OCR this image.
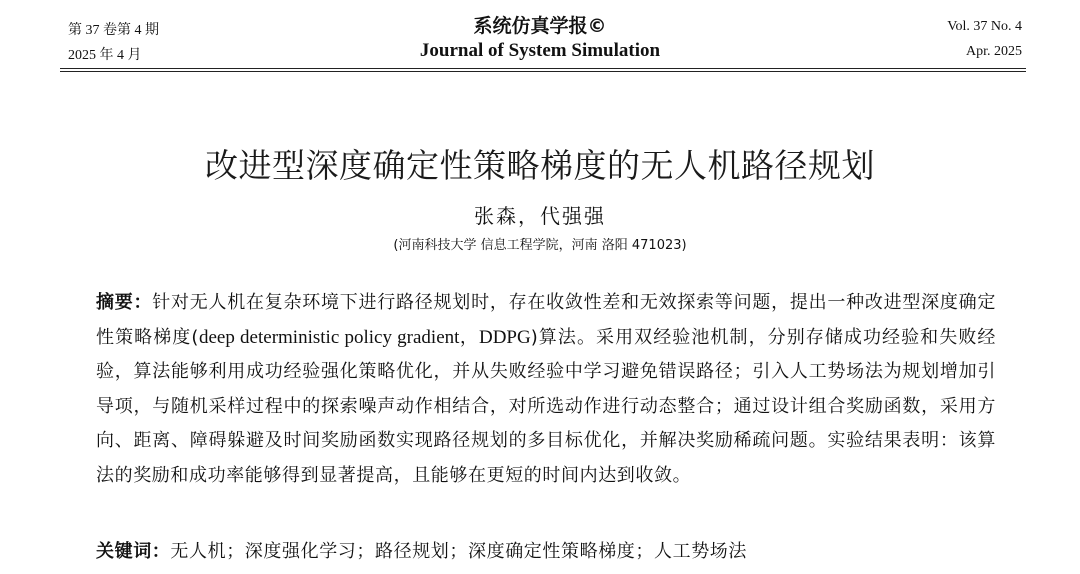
第 37 卷第 4 期
2025 年 4 月
系统仿真学报©
Journal of System Simulation
Vol. 37 No. 4
Apr. 2025
改进型深度确定性策略梯度的无人机路径规划
张森，代强强
(河南科技大学 信息工程学院，河南 洛阳 471023)
摘要：针对无人机在复杂环境下进行路径规划时，存在收敛性差和无效探索等问题，提出一种改进型深度确定性策略梯度(deep deterministic policy gradient，DDPG)算法。采用双经验池机制，分别存储成功经验和失败经验，算法能够利用成功经验强化策略优化，并从失败经验中学习避免错误路径；引入人工势场法为规划增加引导项，与随机采样过程中的探索噪声动作相结合，对所选动作进行动态整合；通过设计组合奖励函数，采用方向、距离、障碍躲避及时间奖励函数实现路径规划的多目标优化，并解决奖励稀疏问题。实验结果表明：该算法的奖励和成功率能够得到显著提高，且能够在更短的时间内达到收敛。
关键词：无人机；深度强化学习；路径规划；深度确定性策略梯度；人工势场法
